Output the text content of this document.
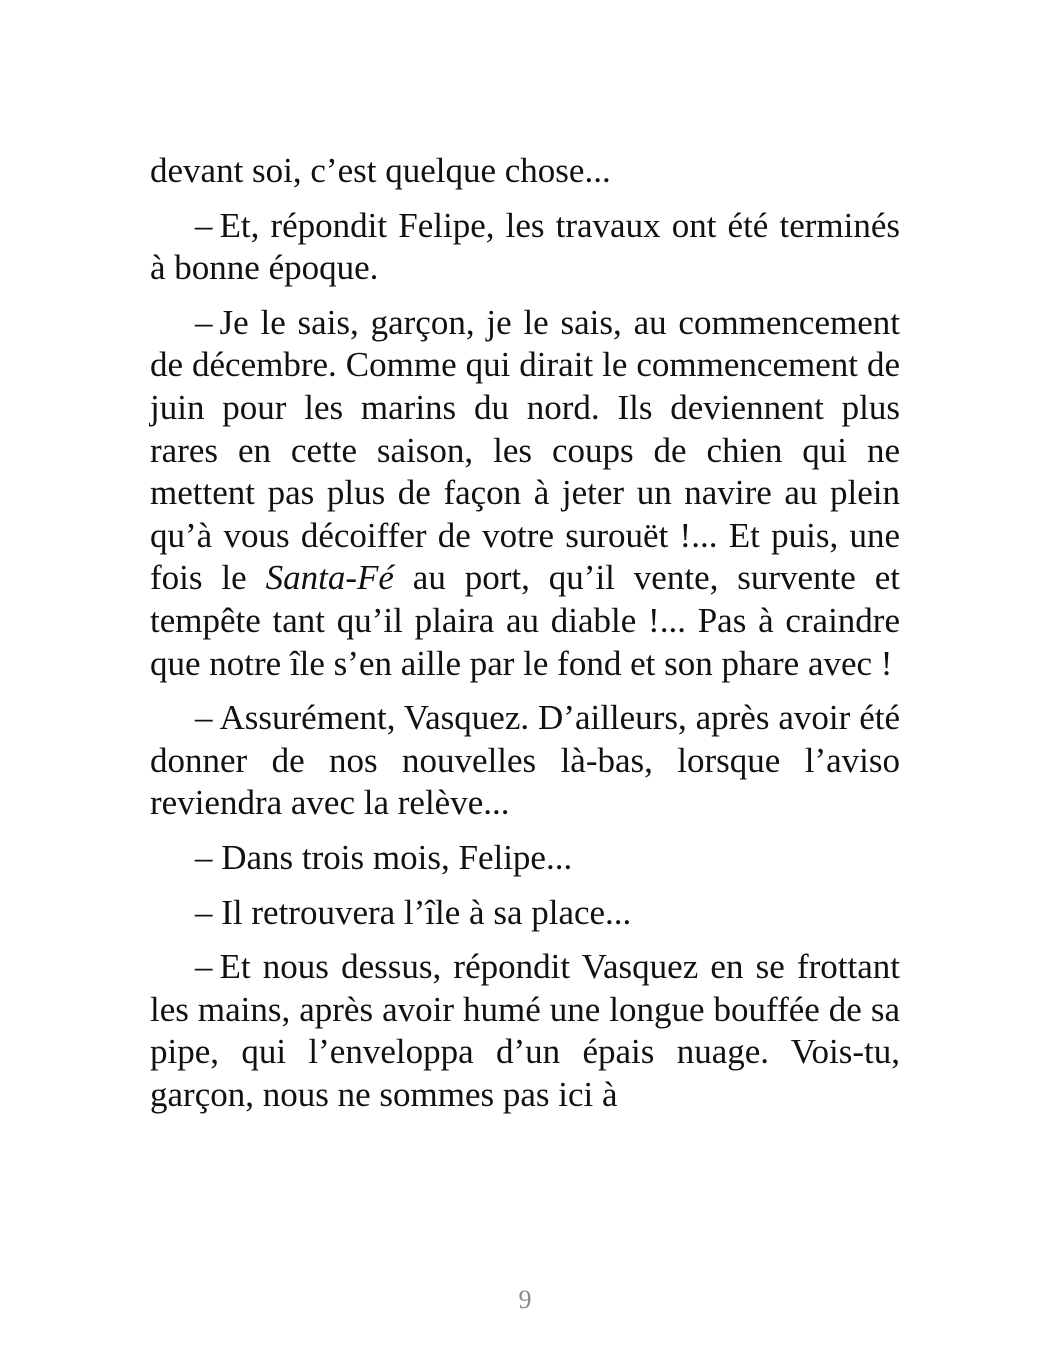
devant soi, c’est quelque chose...

– Et, répondit Felipe, les travaux ont été terminés à bonne époque.

– Je le sais, garçon, je le sais, au commencement de décembre. Comme qui dirait le commencement de juin pour les marins du nord. Ils deviennent plus rares en cette saison, les coups de chien qui ne mettent pas plus de façon à jeter un navire au plein qu’à vous décoiffer de votre surouët !... Et puis, une fois le Santa-Fé au port, qu’il vente, survente et tempête tant qu’il plaira au diable !... Pas à craindre que notre île s’en aille par le fond et son phare avec !

– Assurément, Vasquez. D’ailleurs, après avoir été donner de nos nouvelles là-bas, lorsque l’aviso reviendra avec la relève...

– Dans trois mois, Felipe...

– Il retrouvera l’île à sa place...

– Et nous dessus, répondit Vasquez en se frottant les mains, après avoir humé une longue bouffée de sa pipe, qui l’enveloppa d’un épais nuage. Vois-tu, garçon, nous ne sommes pas ici à

9
